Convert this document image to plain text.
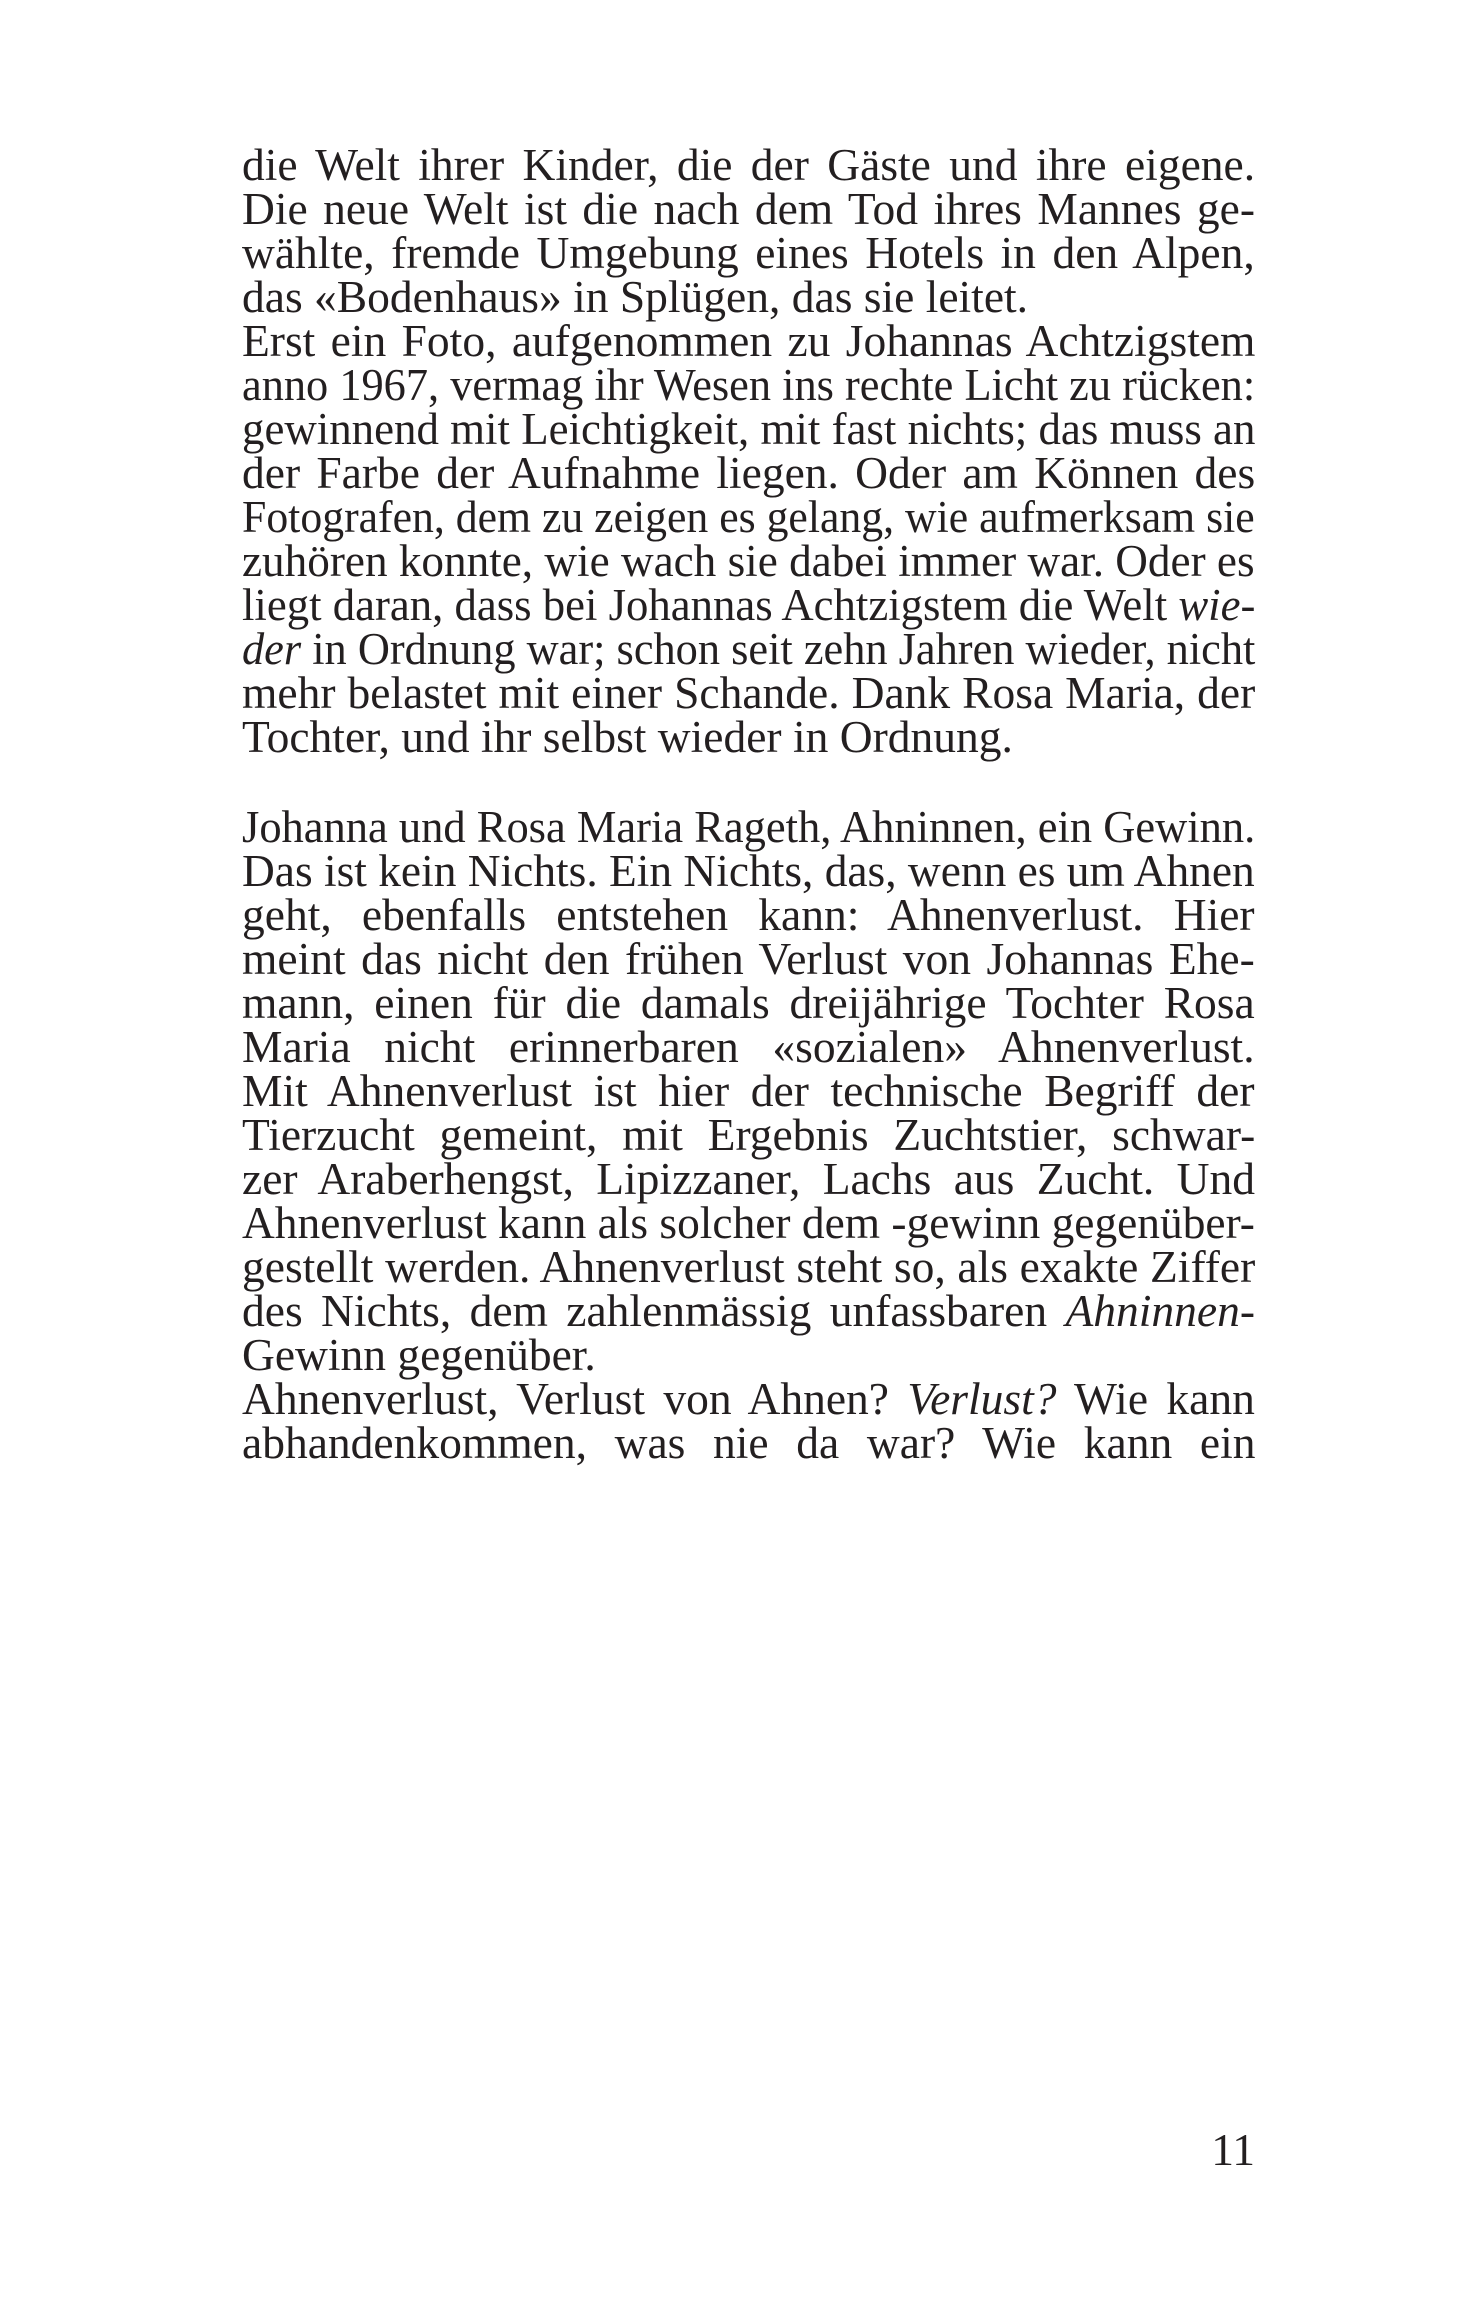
die Welt ihrer Kinder, die der Gäste und ihre eigene.
Die neue Welt ist die nach dem Tod ihres Mannes ge-
wählte, fremde Umgebung eines Hotels in den Alpen,
das «Bodenhaus» in Splügen, das sie leitet.
Erst ein Foto, aufgenommen zu Johannas Achtzigstem
anno 1967, vermag ihr Wesen ins rechte Licht zu rücken:
gewinnend mit Leichtigkeit, mit fast nichts; das muss an
der Farbe der Aufnahme liegen. Oder am Können des
Fotografen, dem zu zeigen es gelang, wie aufmerksam sie
zuhören konnte, wie wach sie dabei immer war. Oder es
liegt daran, dass bei Johannas Achtzigstem die Welt wie-
der in Ordnung war; schon seit zehn Jahren wieder, nicht
mehr belastet mit einer Schande. Dank Rosa Maria, der
Tochter, und ihr selbst wieder in Ordnung.
Johanna und Rosa Maria Rageth, Ahninnen, ein Gewinn.
Das ist kein Nichts. Ein Nichts, das, wenn es um Ahnen
geht, ebenfalls entstehen kann: Ahnenverlust. Hier
meint das nicht den frühen Verlust von Johannas Ehe-
mann, einen für die damals dreijährige Tochter Rosa
Maria nicht erinnerbaren «sozialen» Ahnenverlust.
Mit Ahnenverlust ist hier der technische Begriff der
Tierzucht gemeint, mit Ergebnis Zuchtstier, schwar-
zer Araberhengst, Lipizzaner, Lachs aus Zucht. Und
Ahnenverlust kann als solcher dem -gewinn gegenüber-
gestellt werden. Ahnenverlust steht so, als exakte Ziffer
des Nichts, dem zahlenmässig unfassbaren Ahninnen-
Gewinn gegenüber.
Ahnenverlust, Verlust von Ahnen? Verlust? Wie kann
abhandenkommen, was nie da war? Wie kann ein
11
